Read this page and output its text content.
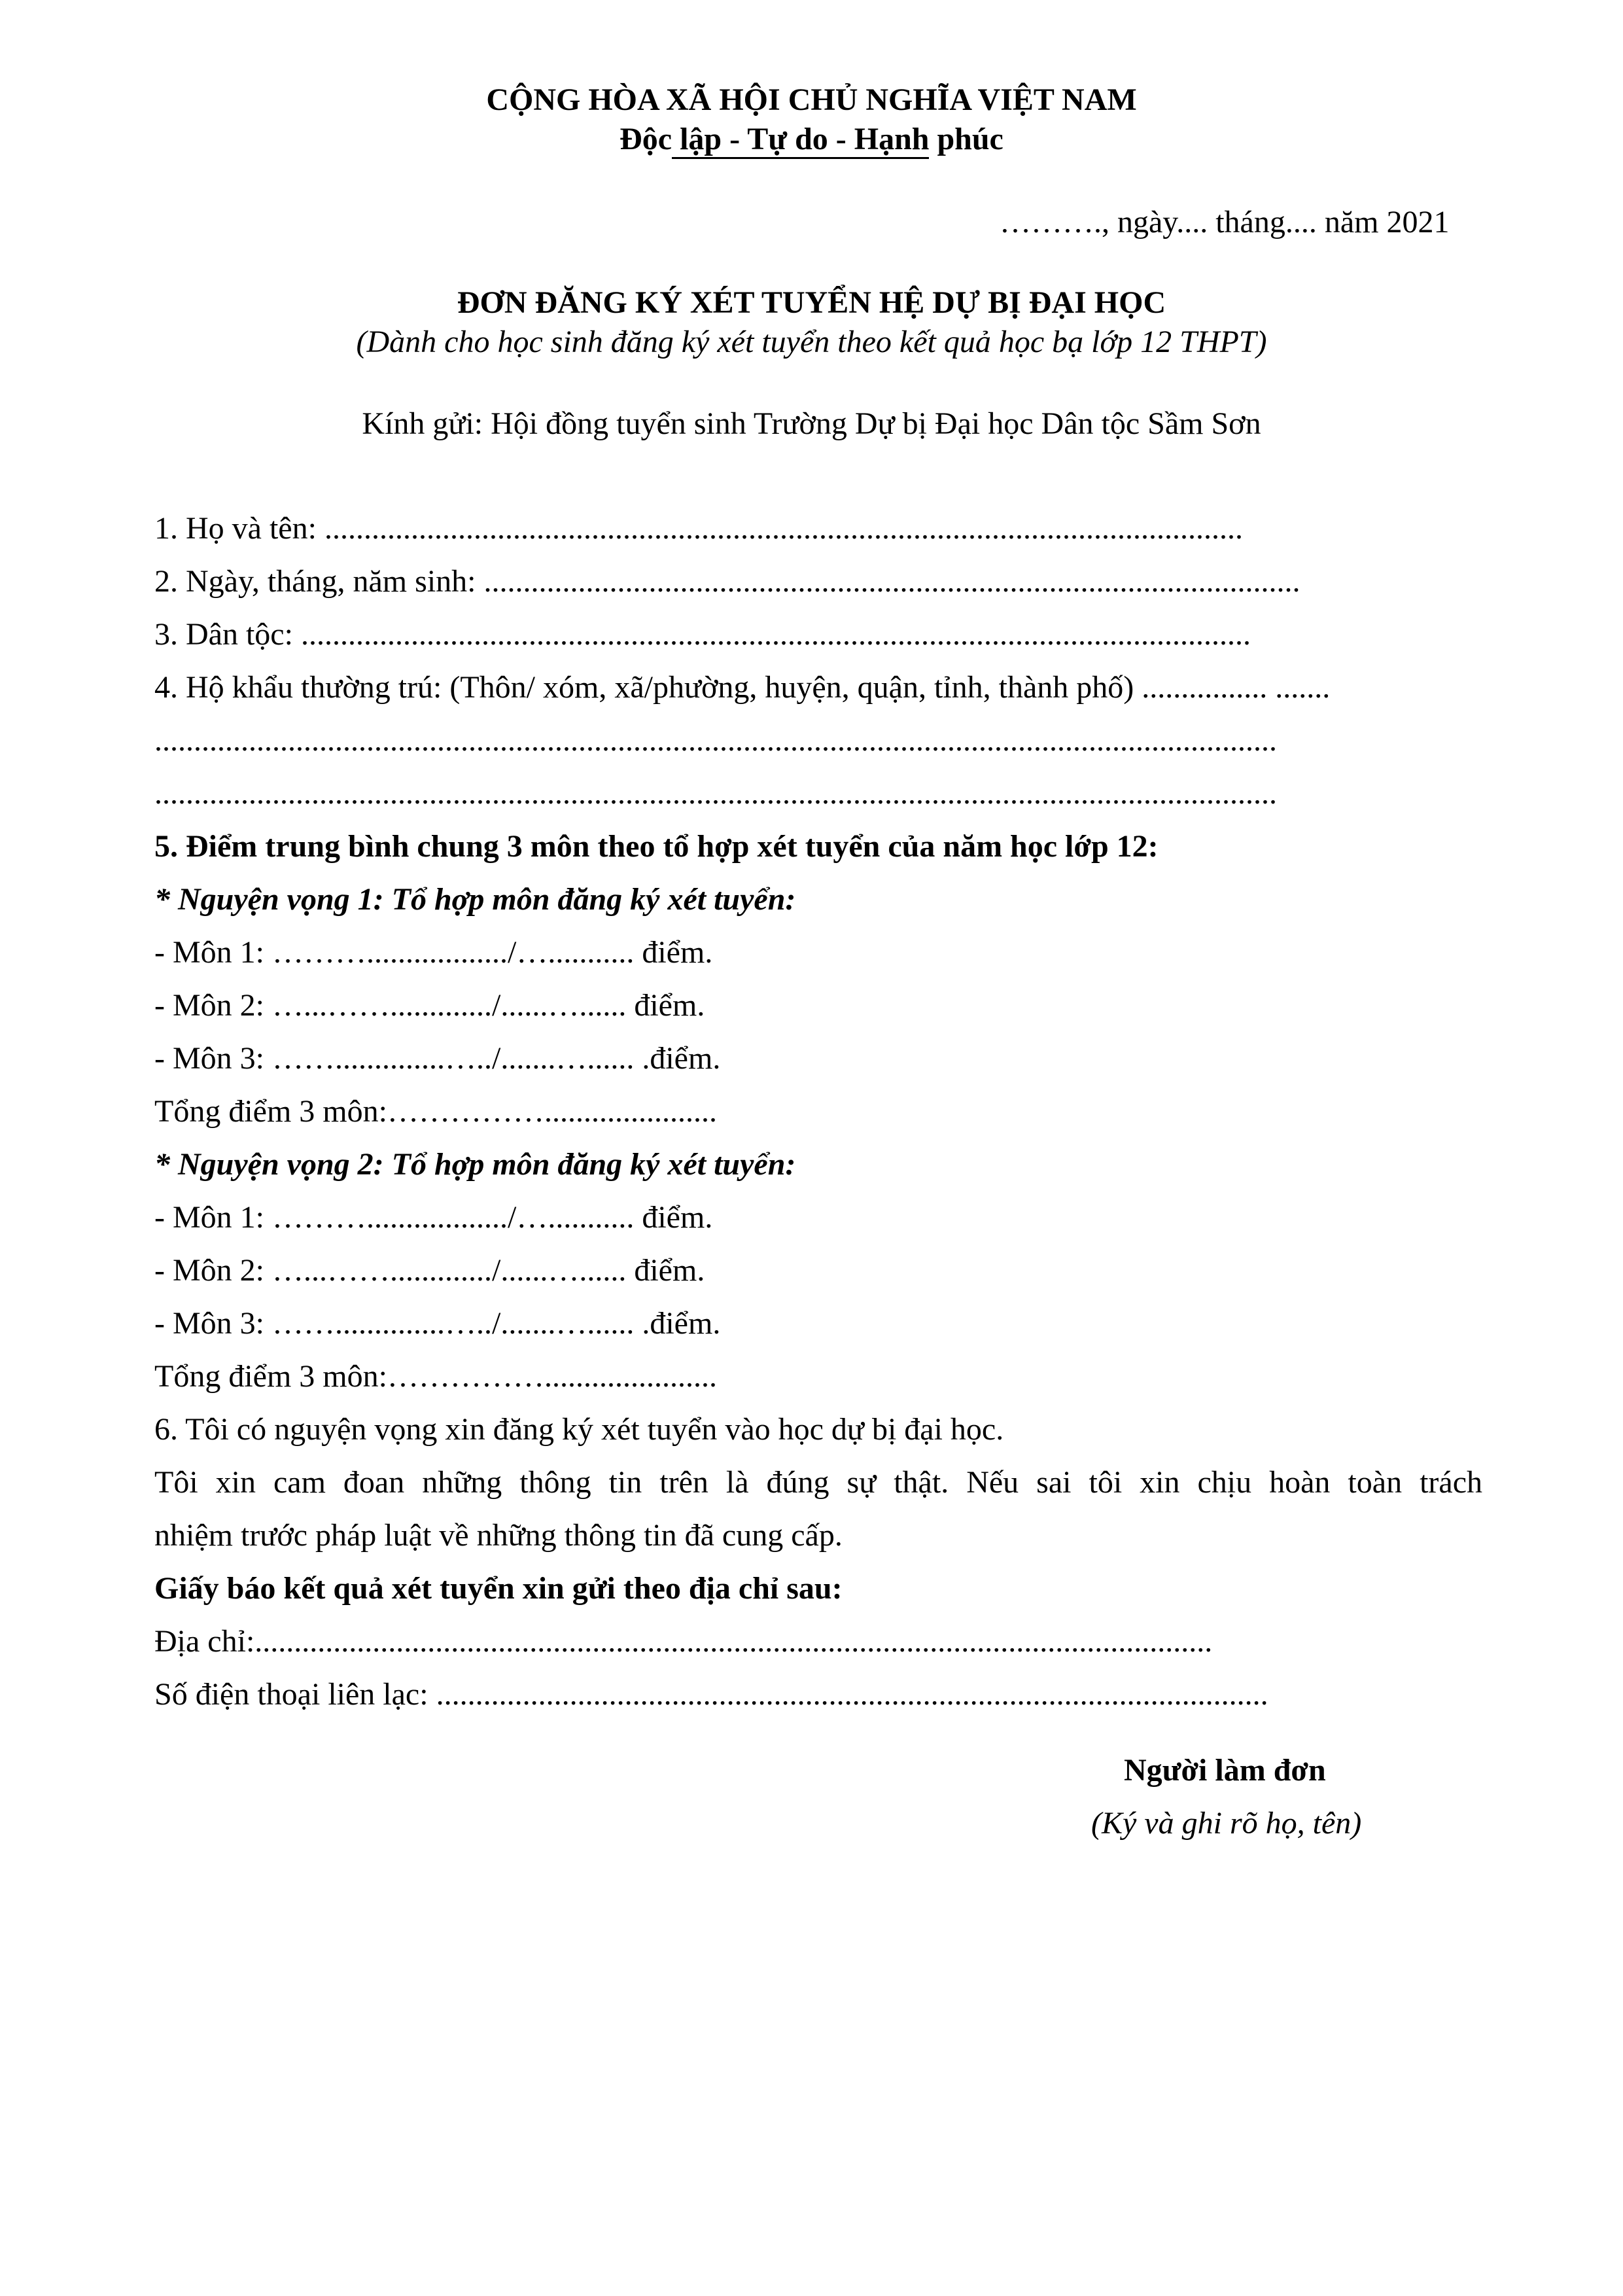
CỘNG HÒA XÃ HỘI CHỦ NGHĨA VIỆT NAM
Độc lập - Tự do - Hạnh phúc
………., ngày.... tháng.... năm 2021
ĐƠN ĐĂNG KÝ XÉT TUYỂN HỆ DỰ BỊ ĐẠI HỌC
(Dành cho học sinh đăng ký xét tuyển theo kết quả học bạ lớp 12 THPT)
Kính gửi: Hội đồng tuyển sinh Trường Dự bị Đại học Dân tộc Sầm Sơn
1. Họ và tên: .....................................................................................................................
2. Ngày, tháng, năm sinh: ........................................................................................................
3. Dân tộc: .........................................................................................................................
4. Hộ khẩu thường trú: (Thôn/ xóm, xã/phường, huyện, quận, tỉnh, thành phố) ................ .......
...............................................................................................................................................
...............................................................................................................................................
5. Điểm trung bình chung 3 môn theo tổ hợp xét tuyển của năm học lớp 12:
* Nguyện vọng 1: Tổ hợp môn đăng ký xét tuyển:
- Môn 1: ………................../…........... điểm.
- Môn 2: …...……............./......…...... điểm.
- Môn 3: ……..............…../.......…...... .điểm.
Tổng điểm 3 môn:……………......................
* Nguyện vọng 2: Tổ hợp môn đăng ký xét tuyển:
- Môn 1: ………................../…........... điểm.
- Môn 2: …...……............./......…...... điểm.
- Môn 3: ……..............…../.......…...... .điểm.
Tổng điểm 3 môn:……………......................
6. Tôi có nguyện vọng xin đăng ký xét tuyển vào học dự bị đại học.
Tôi xin cam đoan những thông tin trên là đúng sự thật. Nếu sai tôi xin chịu hoàn toàn trách
nhiệm trước pháp luật về những thông tin đã cung cấp.
Giấy báo kết quả xét tuyển xin gửi theo địa chỉ sau:
Địa chỉ:..........................................................................................................................
Số điện thoại liên lạc: ..........................................................................................................
Người làm đơn
(Ký và ghi rõ họ, tên)
